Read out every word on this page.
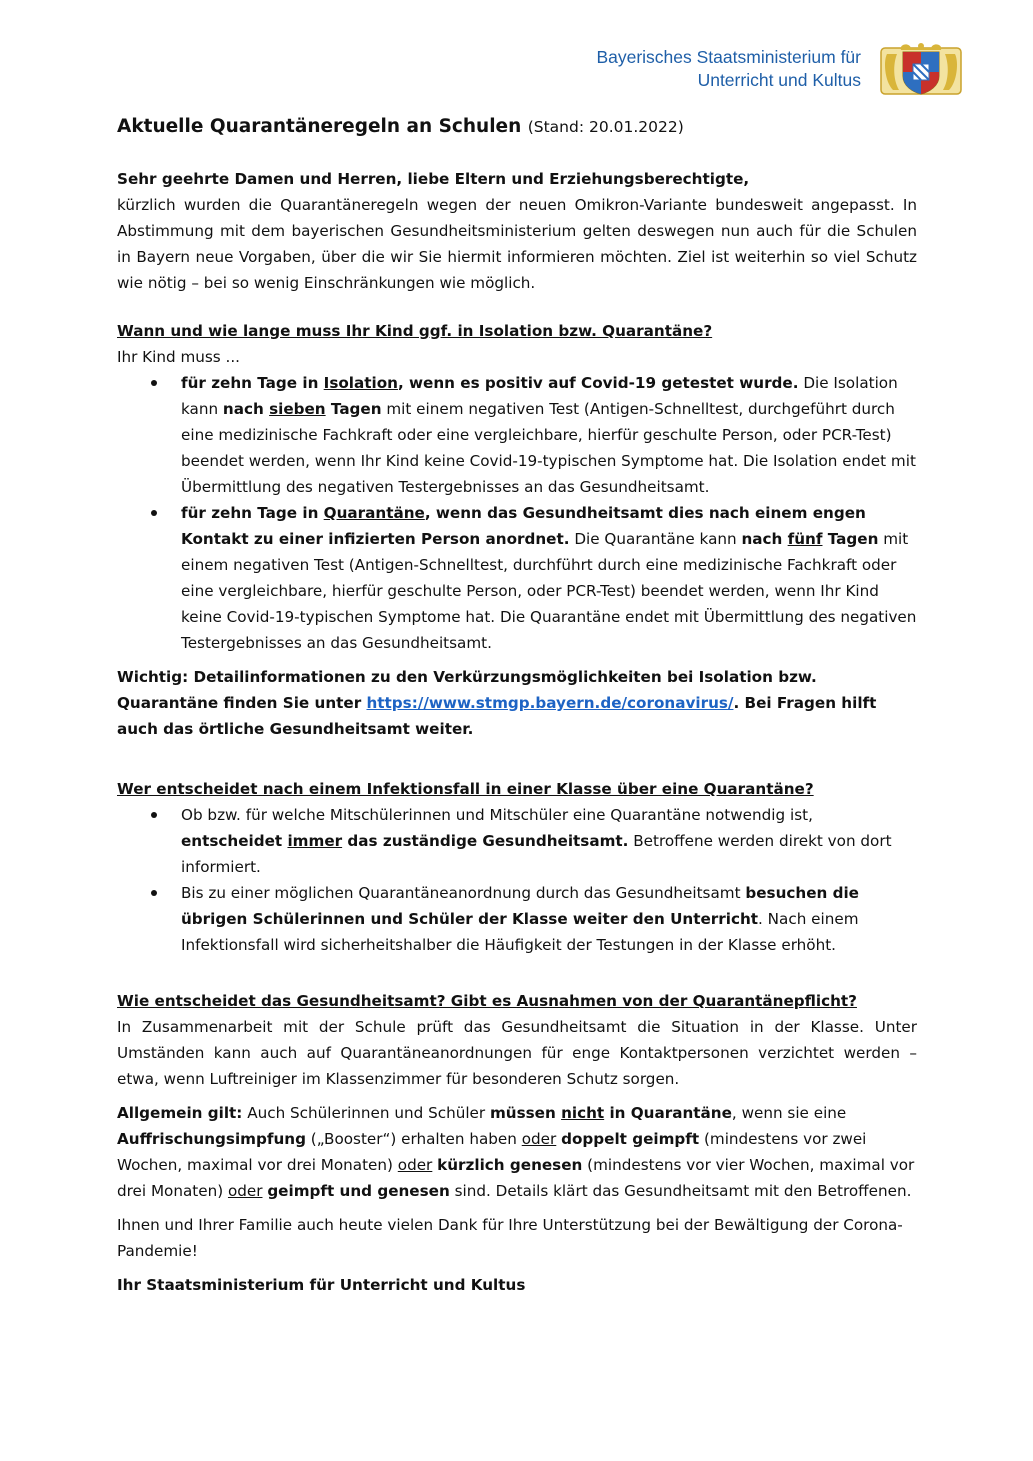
Bayerisches Staatsministerium für
Unterricht und Kultus
Aktuelle Quarantäneregeln an Schulen (Stand: 20.01.2022)

Sehr geehrte Damen und Herren, liebe Eltern und Erziehungsberechtigte,

kürzlich wurden die Quarantäneregeln wegen der neuen Omikron-Variante bundesweit angepasst. In Abstimmung mit dem bayerischen Gesundheitsministerium gelten deswegen nun auch für die Schulen in Bayern neue Vorgaben, über die wir Sie hiermit informieren möchten. Ziel ist weiterhin so viel Schutz wie nötig – bei so wenig Einschränkungen wie möglich.

Wann und wie lange muss Ihr Kind ggf. in Isolation bzw. Quarantäne?

Ihr Kind muss ...

für zehn Tage in Isolation, wenn es positiv auf Covid-19 getestet wurde. Die Isolation kann nach sieben Tagen mit einem negativen Test (Antigen-Schnelltest, durchgeführt durch eine medizinische Fachkraft oder eine vergleichbare, hierfür geschulte Person, oder PCR-Test) beendet werden, wenn Ihr Kind keine Covid-19-typischen Symptome hat. Die Isolation endet mit Übermittlung des negativen Testergebnisses an das Gesundheitsamt.
für zehn Tage in Quarantäne, wenn das Gesundheitsamt dies nach einem engen Kontakt zu einer infizierten Person anordnet. Die Quarantäne kann nach fünf Tagen mit einem negativen Test (Antigen-Schnelltest, durchführt durch eine medizinische Fachkraft oder eine vergleichbare, hierfür geschulte Person, oder PCR-Test) beendet werden, wenn Ihr Kind keine Covid-19-typischen Symptome hat. Die Quarantäne endet mit Übermittlung des negativen Testergebnisses an das Gesundheitsamt.

Wichtig: Detailinformationen zu den Verkürzungsmöglichkeiten bei Isolation bzw. Quarantäne finden Sie unter https://www.stmgp.bayern.de/coronavirus/. Bei Fragen hilft auch das örtliche Gesundheitsamt weiter.

Wer entscheidet nach einem Infektionsfall in einer Klasse über eine Quarantäne?

Ob bzw. für welche Mitschülerinnen und Mitschüler eine Quarantäne notwendig ist, entscheidet immer das zuständige Gesundheitsamt. Betroffene werden direkt von dort informiert.
Bis zu einer möglichen Quarantäneanordnung durch das Gesundheitsamt besuchen die übrigen Schülerinnen und Schüler der Klasse weiter den Unterricht. Nach einem Infektionsfall wird sicherheitshalber die Häufigkeit der Testungen in der Klasse erhöht.

Wie entscheidet das Gesundheitsamt? Gibt es Ausnahmen von der Quarantänepflicht?

In Zusammenarbeit mit der Schule prüft das Gesundheitsamt die Situation in der Klasse. Unter Umständen kann auch auf Quarantäneanordnungen für enge Kontaktpersonen verzichtet werden – etwa, wenn Luftreiniger im Klassenzimmer für besonderen Schutz sorgen.

Allgemein gilt: Auch Schülerinnen und Schüler müssen nicht in Quarantäne, wenn sie eine Auffrischungsimpfung („Booster“) erhalten haben oder doppelt geimpft (mindestens vor zwei Wochen, maximal vor drei Monaten) oder kürzlich genesen (mindestens vor vier Wochen, maximal vor drei Monaten) oder geimpft und genesen sind. Details klärt das Gesundheitsamt mit den Betroffenen.

Ihnen und Ihrer Familie auch heute vielen Dank für Ihre Unterstützung bei der Bewältigung der Corona-Pandemie!

Ihr Staatsministerium für Unterricht und Kultus
